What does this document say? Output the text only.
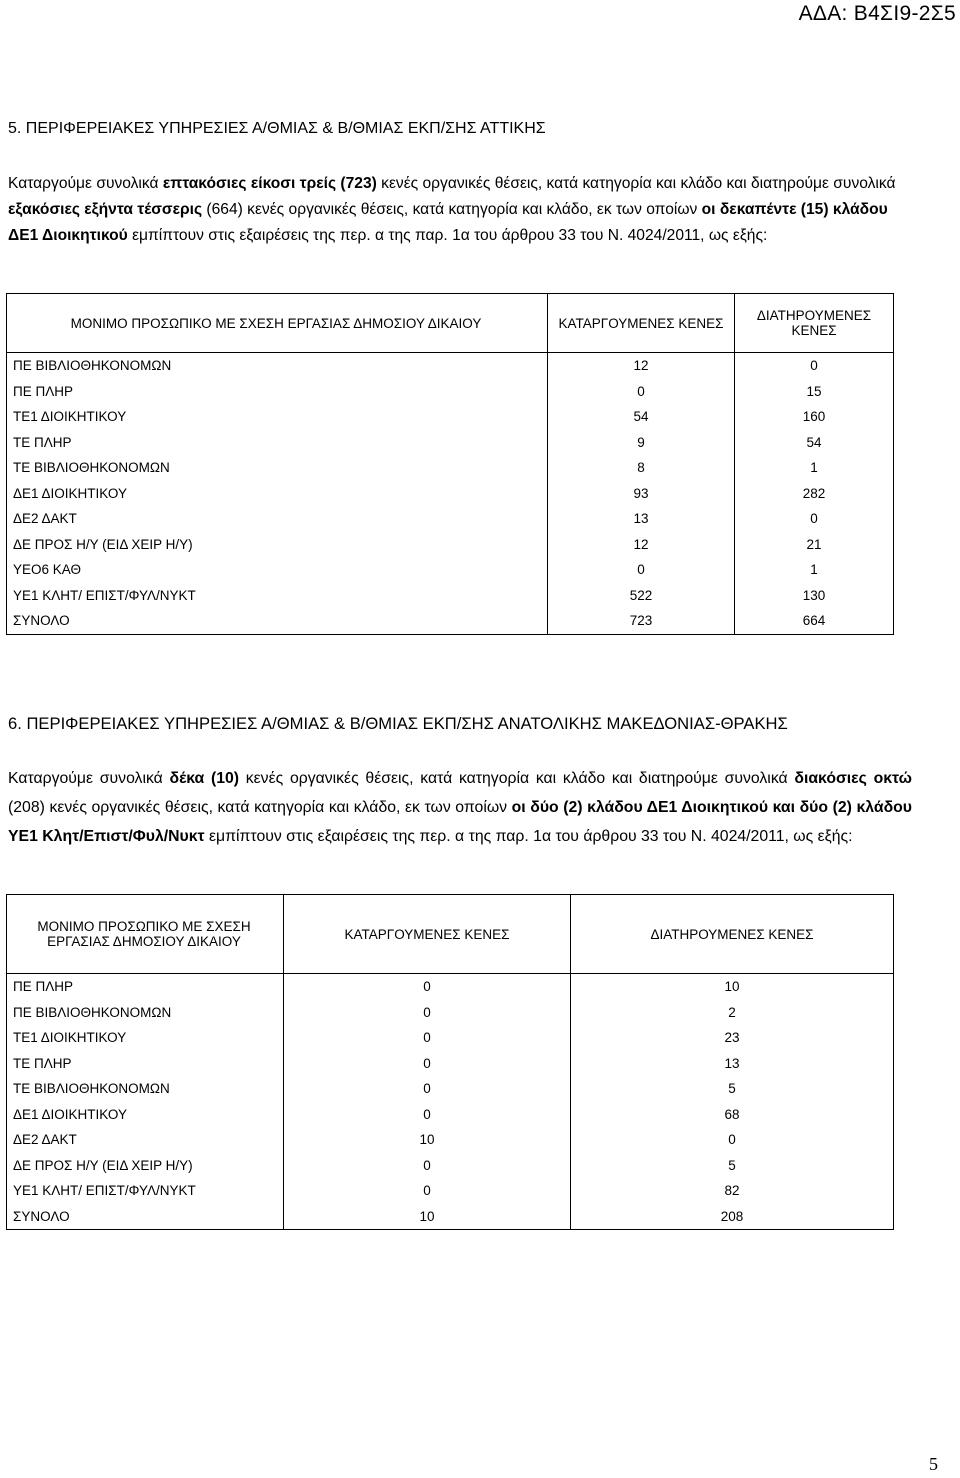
ΑΔΑ: Β4ΣΙ9-2Σ5
5. ΠΕΡΙΦΕΡΕΙΑΚΕΣ ΥΠΗΡΕΣΙΕΣ Α/ΘΜΙΑΣ & Β/ΘΜΙΑΣ ΕΚΠ/ΣΗΣ ΑΤΤΙΚΗΣ
Καταργούμε συνολικά επτακόσιες είκοσι τρείς (723) κενές οργανικές θέσεις, κατά κατηγορία και κλάδο και διατηρούμε συνολικά εξακόσιες εξήντα τέσσερις (664) κενές οργανικές θέσεις, κατά κατηγορία και κλάδο, εκ των οποίων οι δεκαπέντε (15) κλάδου ΔΕ1 Διοικητικού εμπίπτουν στις εξαιρέσεις της περ. α της παρ. 1α του άρθρου 33 του Ν. 4024/2011, ως εξής:
ΜΟΝΙΜΟ ΠΡΟΣΩΠΙΚΟ ΜΕ ΣΧΕΣΗ ΕΡΓΑΣΙΑΣ ΔΗΜΟΣΙΟΥ ΔΙΚΑΙΟΥ	ΚΑΤΑΡΓΟΥΜΕΝΕΣ ΚΕΝΕΣ	ΔΙΑΤΗΡΟΥΜΕΝΕΣ ΚΕΝΕΣ
ΠΕ ΒΙΒΛΙΟΘΗΚΟΝΟΜΩΝ	12	0
ΠΕ ΠΛΗΡ	0	15
ΤΕ1 ΔΙΟΙΚΗΤΙΚΟΥ	54	160
ΤΕ ΠΛΗΡ	9	54
ΤΕ ΒΙΒΛΙΟΘΗΚΟΝΟΜΩΝ	8	1
ΔΕ1 ΔΙΟΙΚΗΤΙΚΟΥ	93	282
ΔΕ2 ΔΑΚΤ	13	0
ΔΕ ΠΡΟΣ Η/Υ (ΕΙΔ ΧΕΙΡ Η/Υ)	12	21
ΥΕΟ6 ΚΑΘ	0	1
ΥΕ1 ΚΛΗΤ/ ΕΠΙΣΤ/ΦΥΛ/ΝΥΚΤ	522	130
ΣΥΝΟΛΟ	723	664
6. ΠΕΡΙΦΕΡΕΙΑΚΕΣ ΥΠΗΡΕΣΙΕΣ Α/ΘΜΙΑΣ & Β/ΘΜΙΑΣ ΕΚΠ/ΣΗΣ ΑΝΑΤΟΛΙΚΗΣ ΜΑΚΕΔΟΝΙΑΣ-ΘΡΑΚΗΣ
Καταργούμε συνολικά δέκα (10) κενές οργανικές θέσεις, κατά κατηγορία και κλάδο και διατηρούμε συνολικά διακόσιες οκτώ (208) κενές οργανικές θέσεις, κατά κατηγορία και κλάδο, εκ των οποίων οι δύο (2) κλάδου ΔΕ1 Διοικητικού και δύο (2) κλάδου ΥΕ1 Κλητ/Επιστ/Φυλ/Νυκτ εμπίπτουν στις εξαιρέσεις της περ. α της παρ. 1α του άρθρου 33 του Ν. 4024/2011, ως εξής:
ΜΟΝΙΜΟ ΠΡΟΣΩΠΙΚΟ ΜΕ ΣΧΕΣΗ ΕΡΓΑΣΙΑΣ ΔΗΜΟΣΙΟΥ ΔΙΚΑΙΟΥ	ΚΑΤΑΡΓΟΥΜΕΝΕΣ ΚΕΝΕΣ	ΔΙΑΤΗΡΟΥΜΕΝΕΣ ΚΕΝΕΣ
ΠΕ ΠΛΗΡ	0	10
ΠΕ ΒΙΒΛΙΟΘΗΚΟΝΟΜΩΝ	0	2
ΤΕ1 ΔΙΟΙΚΗΤΙΚΟΥ	0	23
ΤΕ ΠΛΗΡ	0	13
ΤΕ ΒΙΒΛΙΟΘΗΚΟΝΟΜΩΝ	0	5
ΔΕ1 ΔΙΟΙΚΗΤΙΚΟΥ	0	68
ΔΕ2 ΔΑΚΤ	10	0
ΔΕ ΠΡΟΣ Η/Υ (ΕΙΔ ΧΕΙΡ Η/Υ)	0	5
ΥΕ1 ΚΛΗΤ/ ΕΠΙΣΤ/ΦΥΛ/ΝΥΚΤ	0	82
ΣΥΝΟΛΟ	10	208
5
